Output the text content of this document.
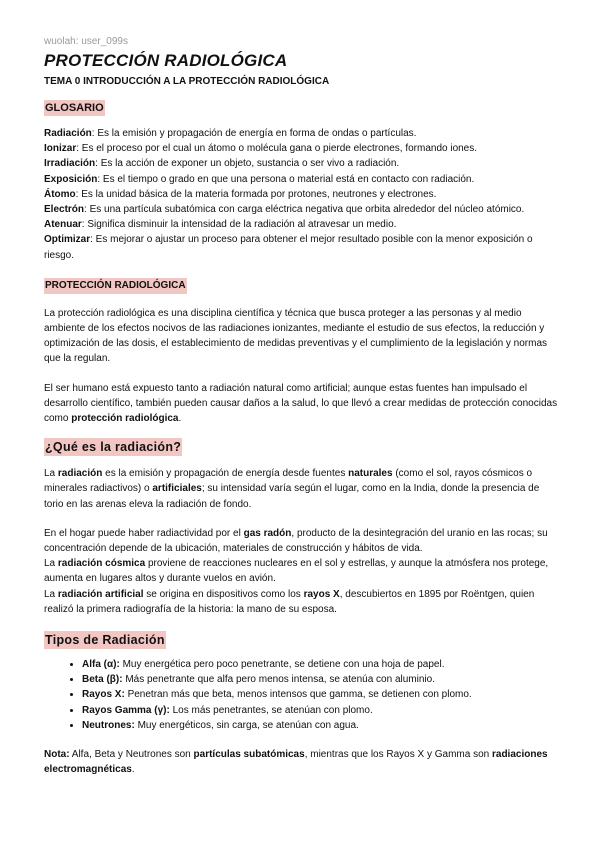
wuolah: user_099s
PROTECCIÓN RADIOLÓGICA
TEMA 0 INTRODUCCIÓN A LA PROTECCIÓN RADIOLÓGICA
GLOSARIO
Radiación: Es la emisión y propagación de energía en forma de ondas o partículas.
Ionizar: Es el proceso por el cual un átomo o molécula gana o pierde electrones, formando iones.
Irradiación: Es la acción de exponer un objeto, sustancia o ser vivo a radiación.
Exposición: Es el tiempo o grado en que una persona o material está en contacto con radiación.
Átomo: Es la unidad básica de la materia formada por protones, neutrones y electrones.
Electrón: Es una partícula subatómica con carga eléctrica negativa que orbita alrededor del núcleo atómico.
Atenuar: Significa disminuir la intensidad de la radiación al atravesar un medio.
Optimizar: Es mejorar o ajustar un proceso para obtener el mejor resultado posible con la menor exposición o riesgo.
PROTECCIÓN RADIOLÓGICA

La protección radiológica es una disciplina científica y técnica que busca proteger a las personas y al medio ambiente de los efectos nocivos de las radiaciones ionizantes, mediante el estudio de sus efectos, la reducción y optimización de las dosis, el establecimiento de medidas preventivas y el cumplimiento de la legislación y normas que la regulan.

El ser humano está expuesto tanto a radiación natural como artificial; aunque estas fuentes han impulsado el desarrollo científico, también pueden causar daños a la salud, lo que llevó a crear medidas de protección conocidas como protección radiológica.

¿Qué es la radiación?

La radiación es la emisión y propagación de energía desde fuentes naturales (como el sol, rayos cósmicos o minerales radiactivos) o artificiales; su intensidad varía según el lugar, como en la India, donde la presencia de torio en las arenas eleva la radiación de fondo.

En el hogar puede haber radiactividad por el gas radón, producto de la desintegración del uranio en las rocas; su concentración depende de la ubicación, materiales de construcción y hábitos de vida.

La radiación cósmica proviene de reacciones nucleares en el sol y estrellas, y aunque la atmósfera nos protege, aumenta en lugares altos y durante vuelos en avión.

La radiación artificial se origina en dispositivos como los rayos X, descubiertos en 1895 por Roëntgen, quien realizó la primera radiografía de la historia: la mano de su esposa.

Tipos de Radiación
• Alfa (α): Muy energética pero poco penetrante, se detiene con una hoja de papel.
• Beta (β): Más penetrante que alfa pero menos intensa, se atenúa con aluminio.
• Rayos X: Penetran más que beta, menos intensos que gamma, se detienen con plomo.
• Rayos Gamma (γ): Los más penetrantes, se atenúan con plomo.
• Neutrones: Muy energéticos, sin carga, se atenúan con agua.

Nota: Alfa, Beta y Neutrones son partículas subatómicas, mientras que los Rayos X y Gamma son radiaciones electromagnéticas.
